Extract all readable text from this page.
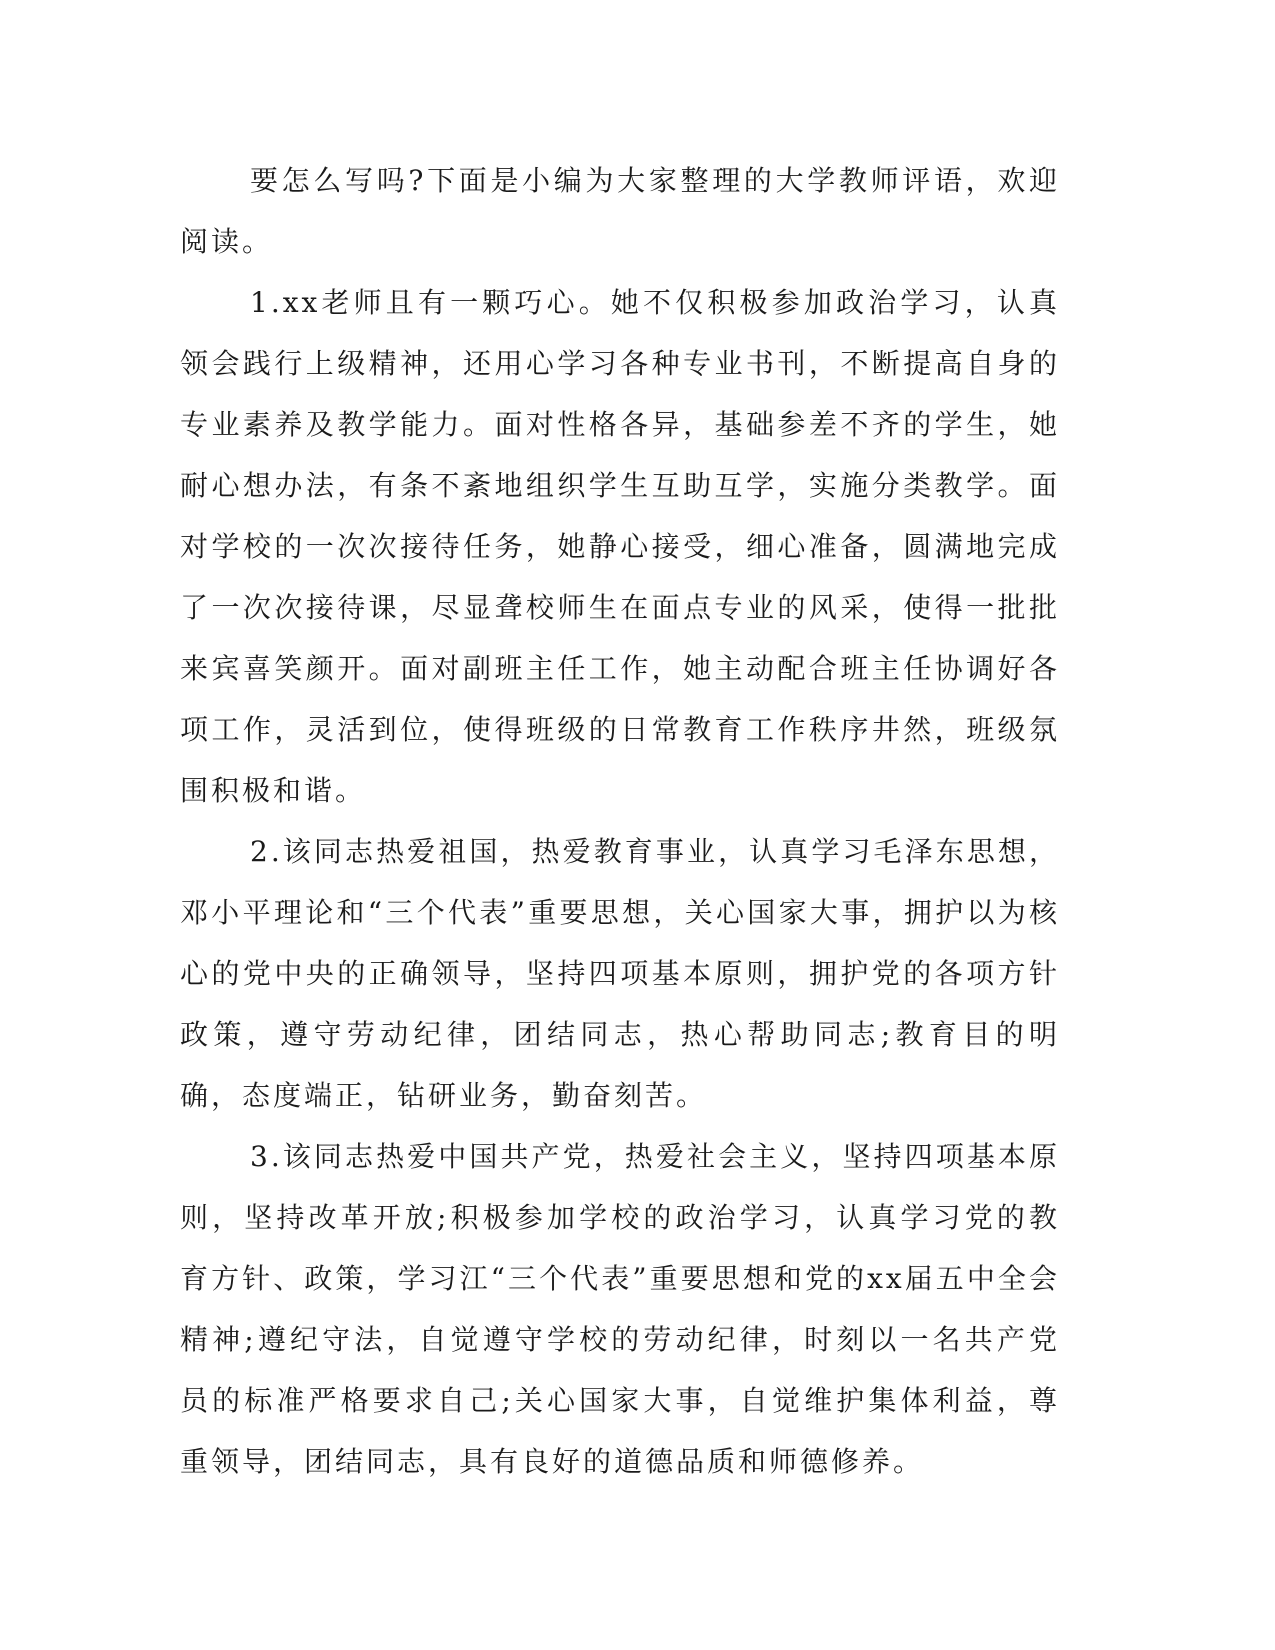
要怎么写吗?下面是小编为大家整理的大学教师评语，欢迎阅读。

1.xx老师且有一颗巧心。她不仅积极参加政治学习，认真领会践行上级精神，还用心学习各种专业书刊，不断提高自身的专业素养及教学能力。面对性格各异，基础参差不齐的学生，她耐心想办法，有条不紊地组织学生互助互学，实施分类教学。面对学校的一次次接待任务，她静心接受，细心准备，圆满地完成了一次次接待课，尽显聋校师生在面点专业的风采，使得一批批来宾喜笑颜开。面对副班主任工作，她主动配合班主任协调好各项工作，灵活到位，使得班级的日常教育工作秩序井然，班级氛围积极和谐。

2.该同志热爱祖国，热爱教育事业，认真学习毛泽东思想，邓小平理论和“三个代表”重要思想，关心国家大事，拥护以为核心的党中央的正确领导，坚持四项基本原则，拥护党的各项方针政策，遵守劳动纪律，团结同志，热心帮助同志;教育目的明确，态度端正，钻研业务，勤奋刻苦。

3.该同志热爱中国共产党，热爱社会主义，坚持四项基本原则，坚持改革开放;积极参加学校的政治学习，认真学习党的教育方针、政策，学习江“三个代表”重要思想和党的xx届五中全会精神;遵纪守法，自觉遵守学校的劳动纪律，时刻以一名共产党员的标准严格要求自己;关心国家大事，自觉维护集体利益，尊重领导，团结同志，具有良好的道德品质和师德修养。
